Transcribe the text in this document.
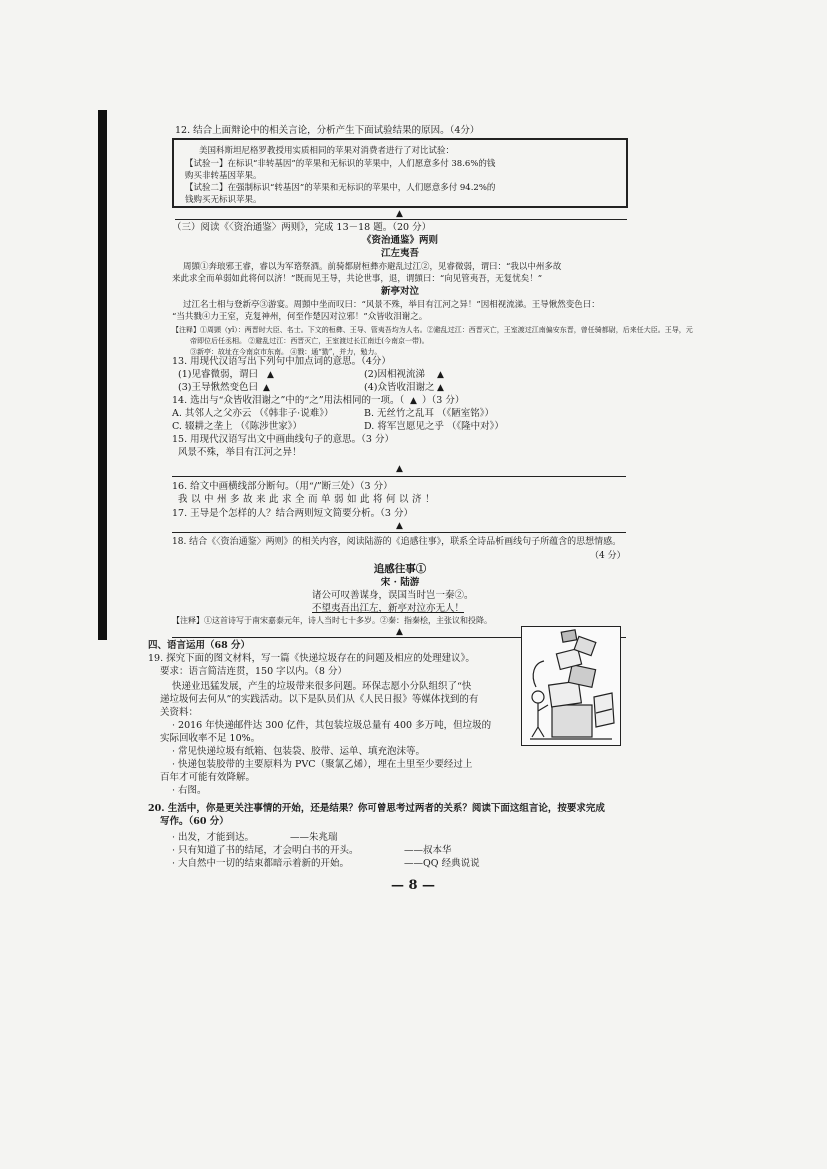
12. 结合上面辩论中的相关言论，分析产生下面试验结果的原因。（4分）
美国科斯坦尼格罗教授用实质相同的苹果对消费者进行了对比试验：
【试验一】在标识“非转基因”的苹果和无标识的苹果中，人们愿意多付 38.6%的钱
购买非转基因苹果。
【试验二】在强制标识“转基因”的苹果和无标识的苹果中，人们愿意多付 94.2%的
钱购买无标识苹果。
▲
（三）阅读《〈资治通鉴〉两则》，完成 13－18 题。（20 分）
《资治通鉴》两则
江左夷吾
周顗①奔琅邪王睿，睿以为军谘祭酒。前骑都尉桓彝亦避乱过江②，见睿微弱，谓曰：“我以中州多故
来此求全而单弱如此将何以济！”既而见王导，共论世事，退，谓顗曰：“向见管夷吾，无复忧矣！”
新亭对泣
过江名士相与登新亭③游宴。周顗中坐而叹曰：“风景不殊，举目有江河之异！”因相视流涕。王导愀然变色曰：
“当共戮④力王室，克复神州，何至作楚囚对泣邪！”众皆收泪谢之。
【注释】①周顗（yǐ）：两晋时大臣、名士。下文的桓彝、王导、管夷吾均为人名。②避乱过江：西晋灭亡，王室渡过江南偏安东晋，曾任骑都尉，后来任大臣。王导，元
帝即位后任丞相。 ②避乱过江：西晋灭亡，王室渡过长江南迁(今南京一带)。
③新亭：故址在今南京市东南。 ④戮：通“勠”，并力，勉力。
13. 用现代汉语写出下列句中加点词的意思。（4分）
(1)见睿微弱，谓曰 ▲	(2)因相视流涕 ▲
(3)王导愀然变色曰 ▲	(4)众皆收泪谢之 ▲
14. 选出与“众皆收泪谢之”中的“之”用法相同的一项。（ ▲ ）（3 分）
A. 其邻人之父亦云 （《韩非子·说难》）	B. 无丝竹之乱耳 （《陋室铭》）
C. 辍耕之垄上 （《陈涉世家》）	D. 将军岂愿见之乎 （《隆中对》）
15. 用现代汉语写出文中画曲线句子的意思。（3 分）
风景不殊，举目有江河之异！
▲
16. 给文中画横线部分断句。（用“/”断三处）（3 分）
我以中州多故来此求全而单弱如此将何以济！
17. 王导是个怎样的人？结合两则短文简要分析。（3 分）
▲
18. 结合《〈资治通鉴〉两则》的相关内容，阅读陆游的《追感往事》，联系全诗品析画线句子所蕴含的思想情感。
（4 分）
追感往事①
宋 · 陆游
诸公可叹善谋身，误国当时岂一秦②。
不望夷吾出江左，新亭对泣亦无人！
【注释】①这首诗写于南宋嘉泰元年，诗人当时七十多岁。②秦：指秦桧，主张议和投降。
▲
四、语言运用（68 分）
19. 探究下面的图文材料，写一篇《快递垃圾存在的问题及相应的处理建议》。
要求：语言简洁连贯，150 字以内。（8 分）
快递业迅猛发展，产生的垃圾带来很多问题。环保志愿小分队组织了“快
递垃圾何去何从”的实践活动。以下是队员们从《人民日报》等媒体找到的有
关资料：
· 2016 年快递邮件达 300 亿件，其包装垃圾总量有 400 多万吨，但垃圾的
实际回收率不足 10%。
· 常见快递垃圾有纸箱、包装袋、胶带、运单、填充泡沫等。
· 快递包装胶带的主要原料为 PVC（聚氯乙烯），埋在土里至少要经过上
百年才可能有效降解。
· 右图。
20. 生活中，你是更关注事情的开始，还是结果？你可曾思考过两者的关系？阅读下面这组言论，按要求完成
写作。（60 分）
· 出发，才能到达。	——朱兆瑞
· 只有知道了书的结尾，才会明白书的开头。	——叔本华
· 大自然中一切的结束都暗示着新的开始。	——QQ 经典说说
— 8 —
